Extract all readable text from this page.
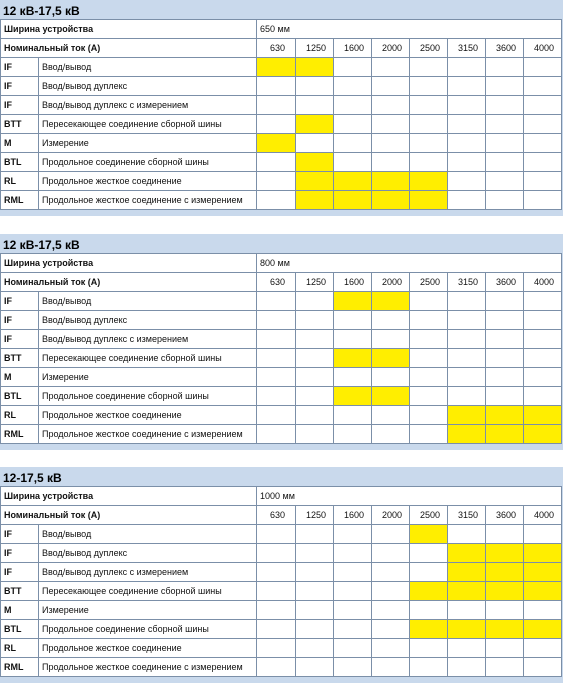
12 кВ-17,5 кВ
Ширина устройства		650 мм							
Номинальный ток (А)		630	1250	1600	2000	2500	3150	3600	4000
IF	Ввод/вывод								
IF	Ввод/вывод дуплекс								
IF	Ввод/вывод дуплекс с измерением								
BTT	Пересекающее соединение сборной шины								
M	Измерение								
BTL	Продольное соединение сборной шины								
RL	Продольное жесткое соединение								
RML	Продольное жесткое соединение с измерением								
12 кВ-17,5 кВ
Ширина устройства		800 мм							
Номинальный ток (А)		630	1250	1600	2000	2500	3150	3600	4000
IF	Ввод/вывод								
IF	Ввод/вывод дуплекс								
IF	Ввод/вывод дуплекс с измерением								
BTT	Пересекающее соединение сборной шины								
M	Измерение								
BTL	Продольное соединение сборной шины								
RL	Продольное жесткое соединение								
RML	Продольное жесткое соединение с измерением								
12-17,5 кВ
Ширина устройства		1000 мм							
Номинальный ток (А)		630	1250	1600	2000	2500	3150	3600	4000
IF	Ввод/вывод								
IF	Ввод/вывод дуплекс								
IF	Ввод/вывод дуплекс с измерением								
BTT	Пересекающее соединение сборной шины								
M	Измерение								
BTL	Продольное соединение сборной шины								
RL	Продольное жесткое соединение								
RML	Продольное жесткое соединение с измерением								
